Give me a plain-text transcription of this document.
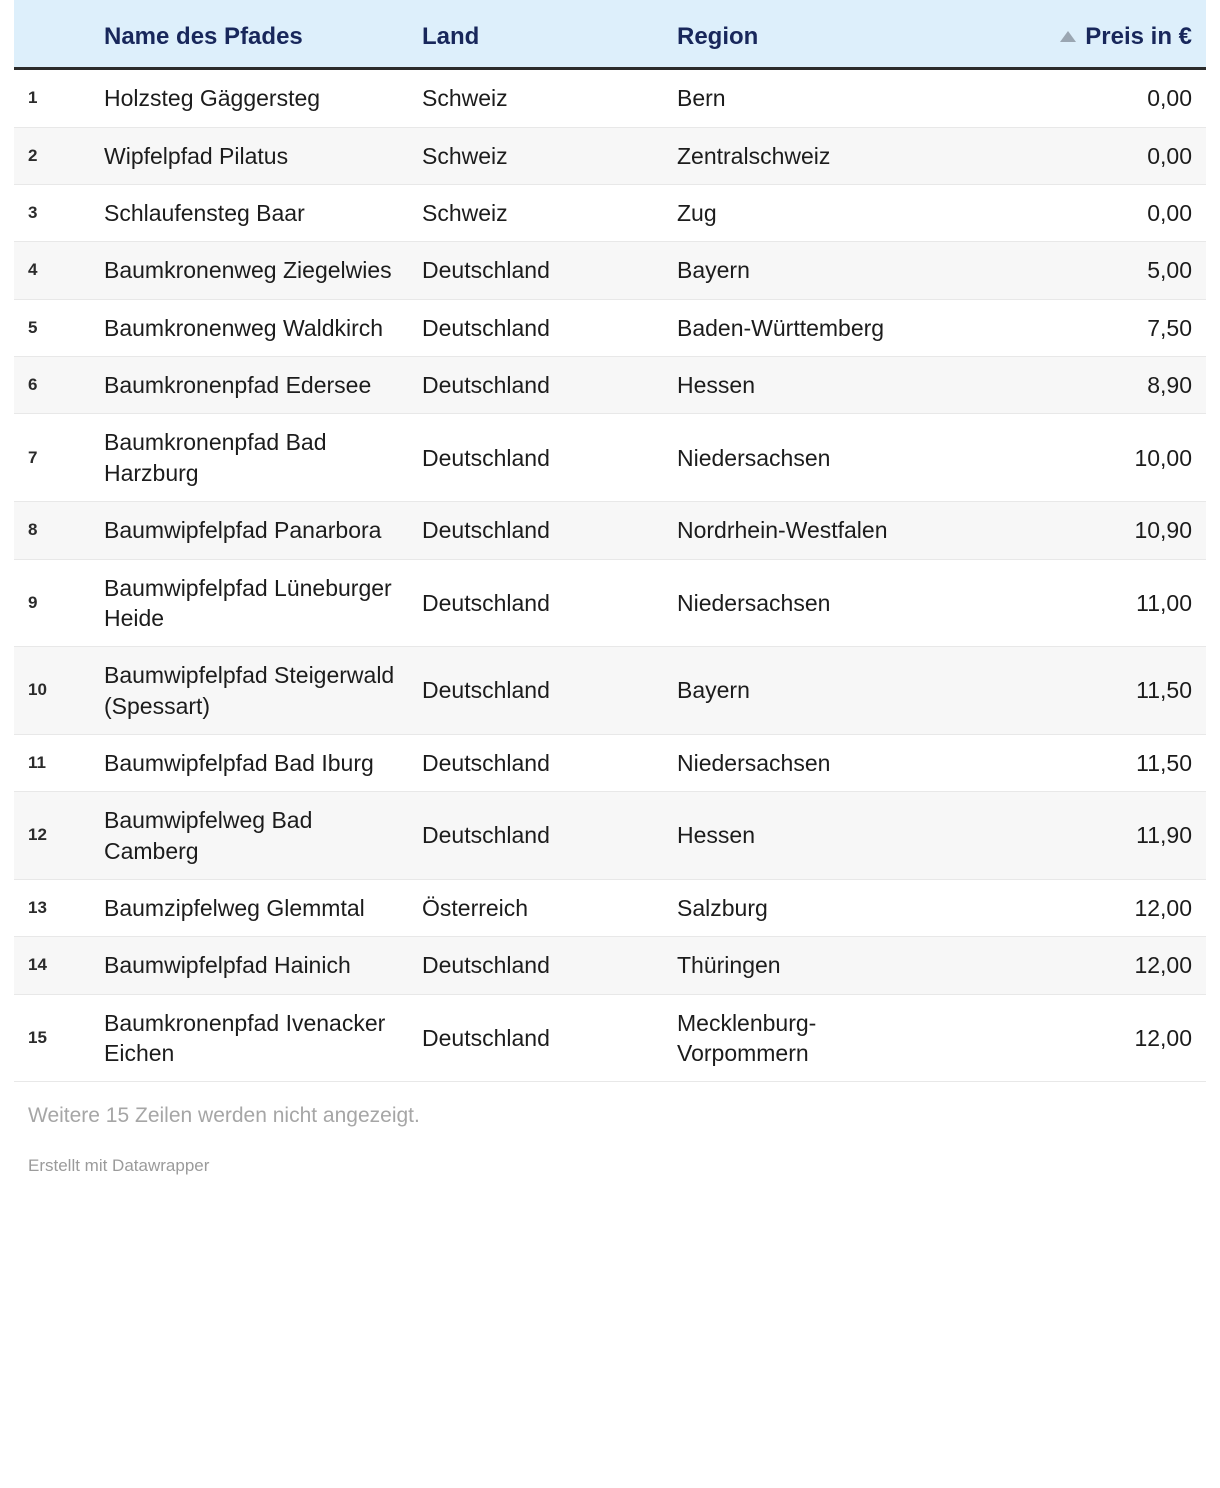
	Name des Pfades	Land	Region	Preis in €

1	Holzsteg Gäggersteg	Schweiz	Bern	0,00
2	Wipfelpfad Pilatus	Schweiz	Zentralschweiz	0,00
3	Schlaufensteg Baar	Schweiz	Zug	0,00
4	Baumkronenweg Ziegelwies	Deutschland	Bayern	5,00
5	Baumkronenweg Waldkirch	Deutschland	Baden-Württemberg	7,50
6	Baumkronenpfad Edersee	Deutschland	Hessen	8,90
7	Baumkronenpfad Bad Harzburg	Deutschland	Niedersachsen	10,00
8	Baumwipfelpfad Panarbora	Deutschland	Nordrhein-Westfalen	10,90
9	Baumwipfelpfad Lüneburger Heide	Deutschland	Niedersachsen	11,00
10	Baumwipfelpfad Steigerwald (Spessart)	Deutschland	Bayern	11,50
11	Baumwipfelpfad Bad Iburg	Deutschland	Niedersachsen	11,50
12	Baumwipfelweg Bad Camberg	Deutschland	Hessen	11,90
13	Baumzipfelweg Glemmtal	Österreich	Salzburg	12,00
14	Baumwipfelpfad Hainich	Deutschland	Thüringen	12,00
15	Baumkronenpfad Ivenacker Eichen	Deutschland	Mecklenburg-Vorpommern	12,00
Weitere 15 Zeilen werden nicht angezeigt.
Erstellt mit Datawrapper
